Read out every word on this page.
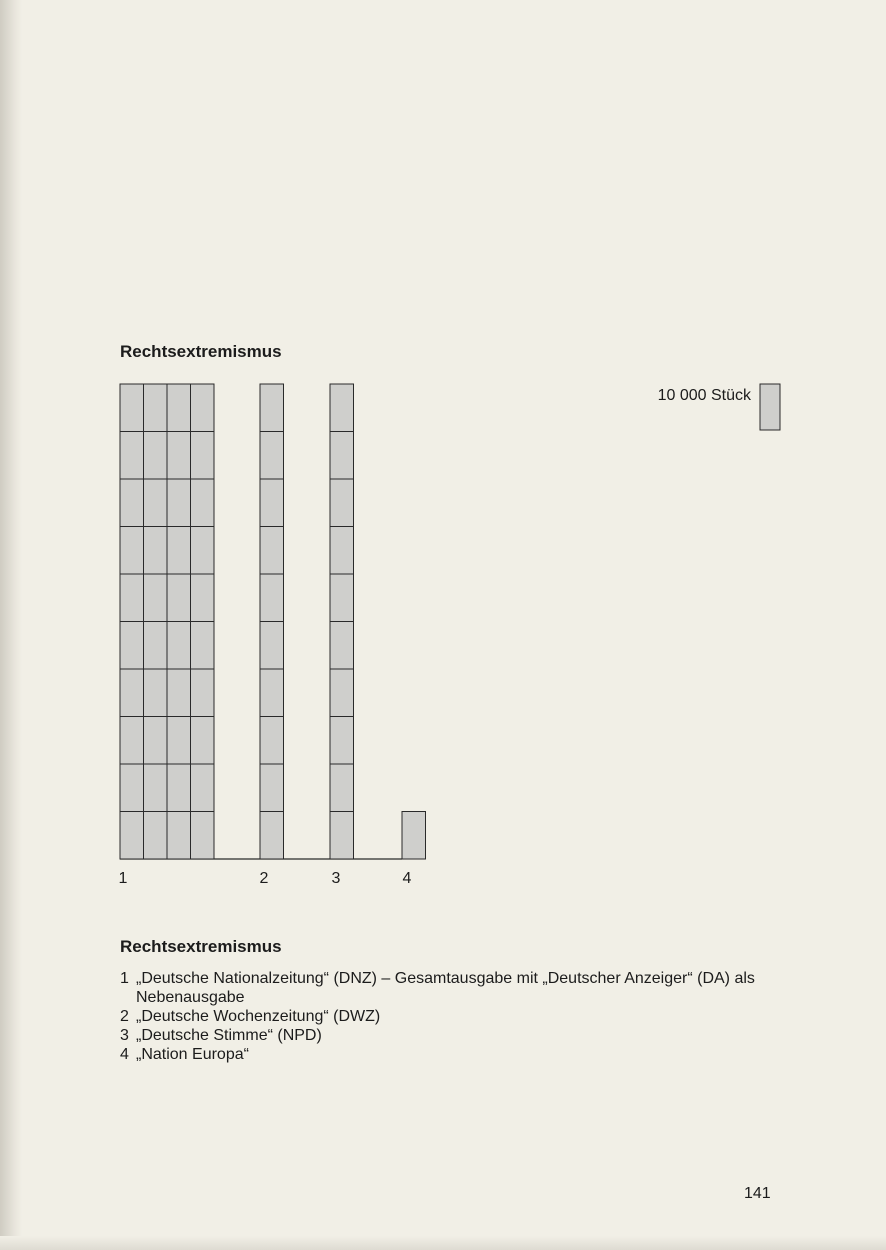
Rechtsextremismus
1	2	3	4
10 000 Stück
Rechtsextremismus
1 „Deutsche Nationalzeitung“ (DNZ) – Gesamtausgabe mit „Deutscher Anzeiger“ (DA) als Nebenausgabe
2 „Deutsche Wochenzeitung“ (DWZ)
3 „Deutsche Stimme“ (NPD)
4 „Nation Europa“
141
